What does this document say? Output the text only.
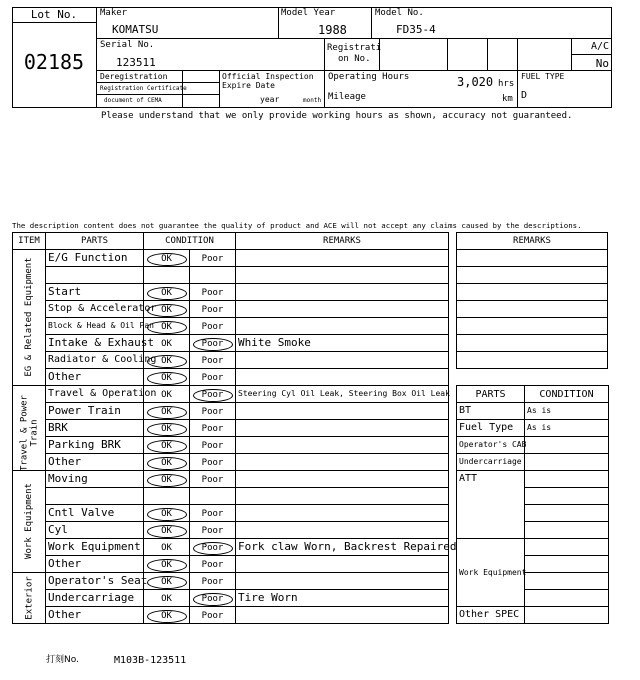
Lot No.
02185
Maker
KOMATSU
Model Year
1988
Model No.
FD35-4
Serial No.
123511
Registrati
on No.
A/C
No
Deregistration
Registration Certificate
document of CEMA
Official Inspection
Expire Date
year	month
Operating Hours	3,020 hrs
Mileage	km
FUEL TYPE
D
Please understand that we only provide working hours as shown, accuracy not guaranteed.
The description content does not guarantee the quality of product and ACE will not accept any claims caused by the descriptions.
ITEM	PARTS	CONDITION		REMARKS

EG & Related Equipment	E/G Function	OK	Poor	

	Start	OK	Poor	
	Stop & Accelerator	OK	Poor	
	Block & Head & Oil Pan	OK	Poor	
	Intake & Exhaust	OK	Poor	White Smoke
	Radiator & Cooling	OK	Poor	
	Other	OK	Poor	

Travel & Power Train	Travel & Operation	OK	Poor	Steering Cyl Oil Leak, Steering Box Oil Leak
	Power Train	OK	Poor	
	BRK	OK	Poor	
	Parking BRK	OK	Poor	
	Other	OK	Poor	

Work Equipment	Moving	OK	Poor	

	Cntl Valve	OK	Poor	
	Cyl	OK	Poor	
	Work Equipment	OK	Poor	Fork claw Worn, Backrest Repaired
	Other	OK	Poor	

Exterior	Operator's Seat	OK	Poor	
	Undercarriage	OK	Poor	Tire Worn
	Other	OK	Poor	
REMARKS

PARTS	CONDITION
BT	As is
Fuel Type	As is
Operator's CAB	
Undercarriage	
ATT	

Work Equipment	

Other SPEC	
打刻No.	M103B-123511
